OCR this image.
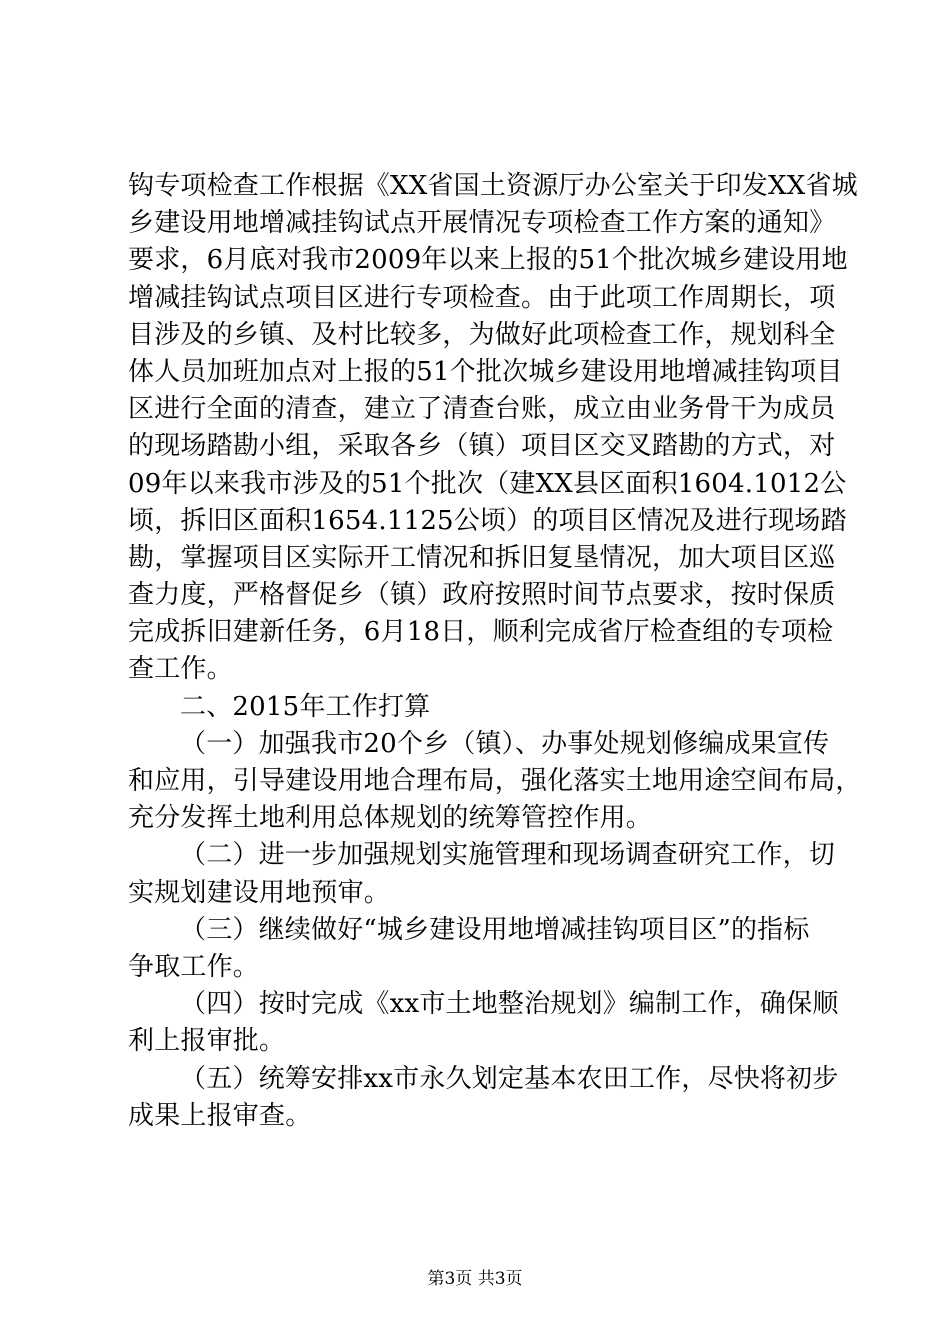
钩专项检查工作根据《XX省国土资源厅办公室关于印发XX省城
乡建设用地增减挂钩试点开展情况专项检查工作方案的通知》
要求，6月底对我市2009年以来上报的51个批次城乡建设用地
增减挂钩试点项目区进行专项检查。由于此项工作周期长，项
目涉及的乡镇、及村比较多，为做好此项检查工作，规划科全
体人员加班加点对上报的51个批次城乡建设用地增减挂钩项目
区进行全面的清查，建立了清查台账，成立由业务骨干为成员
的现场踏勘小组，采取各乡（镇）项目区交叉踏勘的方式，对
09年以来我市涉及的51个批次（建XX县区面积1604.1012公
顷，拆旧区面积1654.1125公顷）的项目区情况及进行现场踏
勘，掌握项目区实际开工情况和拆旧复垦情况，加大项目区巡
查力度，严格督促乡（镇）政府按照时间节点要求，按时保质
完成拆旧建新任务，6月18日，顺利完成省厅检查组的专项检
查工作。
二、2015年工作打算
（一）加强我市20个乡（镇）、办事处规划修编成果宣传
和应用，引导建设用地合理布局，强化落实土地用途空间布局，
充分发挥土地利用总体规划的统筹管控作用。
（二）进一步加强规划实施管理和现场调查研究工作，切
实规划建设用地预审。
（三）继续做好“城乡建设用地增减挂钩项目区”的指标
争取工作。
（四）按时完成《xx市土地整治规划》编制工作，确保顺
利上报审批。
（五）统筹安排xx市永久划定基本农田工作，尽快将初步
成果上报审查。
第3页 共3页
